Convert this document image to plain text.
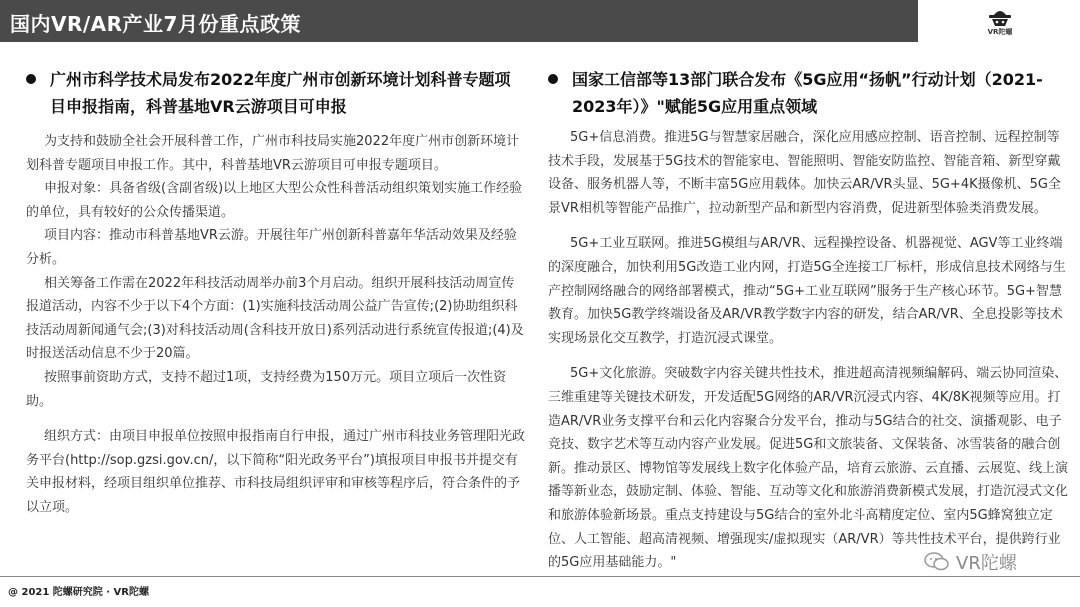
国内VR/AR产业7月份重点政策	VR陀螺
广州市科学技术局发布2022年度广州市创新环境计划科普专题项目申报指南，科普基地VR云游项目可申报

为支持和鼓励全社会开展科普工作，广州市科技局实施2022年度广州市创新环境计划科普专题项目申报工作。其中，科普基地VR云游项目可申报专题项目。

申报对象：具备省级(含副省级)以上地区大型公众性科普活动组织策划实施工作经验的单位，具有较好的公众传播渠道。

项目内容：推动市科普基地VR云游。开展往年广州创新科普嘉年华活动效果及经验分析。

相关筹备工作需在2022年科技活动周举办前3个月启动。组织开展科技活动周宣传报道活动，内容不少于以下4个方面：(1)实施科技活动周公益广告宣传;(2)协助组织科技活动周新闻通气会;(3)对科技活动周(含科技开放日)系列活动进行系统宣传报道;(4)及时报送活动信息不少于20篇。

按照事前资助方式，支持不超过1项，支持经费为150万元。项目立项后一次性资助。

组织方式：由项目申报单位按照申报指南自行申报，通过广州市科技业务管理阳光政务平台(http://sop.gzsi.gov.cn/，以下简称“阳光政务平台”)填报项目申报书并提交有关申报材料，经项目组织单位推荐、市科技局组织评审和审核等程序后，符合条件的予以立项。

国家工信部等13部门联合发布《5G应用“扬帆”行动计划（2021-2023年）》"赋能5G应用重点领域

5G+信息消费。推进5G与智慧家居融合，深化应用感应控制、语音控制、远程控制等技术手段，发展基于5G技术的智能家电、智能照明、智能安防监控、智能音箱、新型穿戴设备、服务机器人等，不断丰富5G应用载体。加快云AR/VR头显、5G+4K摄像机、5G全景VR相机等智能产品推广，拉动新型产品和新型内容消费，促进新型体验类消费发展。

5G+工业互联网。推进5G模组与AR/VR、远程操控设备、机器视觉、AGV等工业终端的深度融合，加快利用5G改造工业内网，打造5G全连接工厂标杆，形成信息技术网络与生产控制网络融合的网络部署模式，推动“5G+工业互联网”服务于生产核心环节。5G+智慧教育。加快5G教学终端设备及AR/VR教学数字内容的研发，结合AR/VR、全息投影等技术实现场景化交互教学，打造沉浸式课堂。

5G+文化旅游。突破数字内容关键共性技术，推进超高清视频编解码、端云协同渲染、三维重建等关键技术研发，开发适配5G网络的AR/VR沉浸式内容、4K/8K视频等应用。打造AR/VR业务支撑平台和云化内容聚合分发平台，推动与5G结合的社交、演播观影、电子竞技、数字艺术等互动内容产业发展。促进5G和文旅装备、文保装备、冰雪装备的融合创新。推动景区、博物馆等发展线上数字化体验产品，培育云旅游、云直播、云展览、线上演播等新业态，鼓励定制、体验、智能、互动等文化和旅游消费新模式发展，打造沉浸式文化和旅游体验新场景。重点支持建设与5G结合的室外北斗高精度定位、室内5G蜂窝独立定位、人工智能、超高清视频、增强现实/虚拟现实（AR/VR）等共性技术平台，提供跨行业的5G应用基础能力。"	VR陀螺
@ 2021 陀螺研究院 · VR陀螺
